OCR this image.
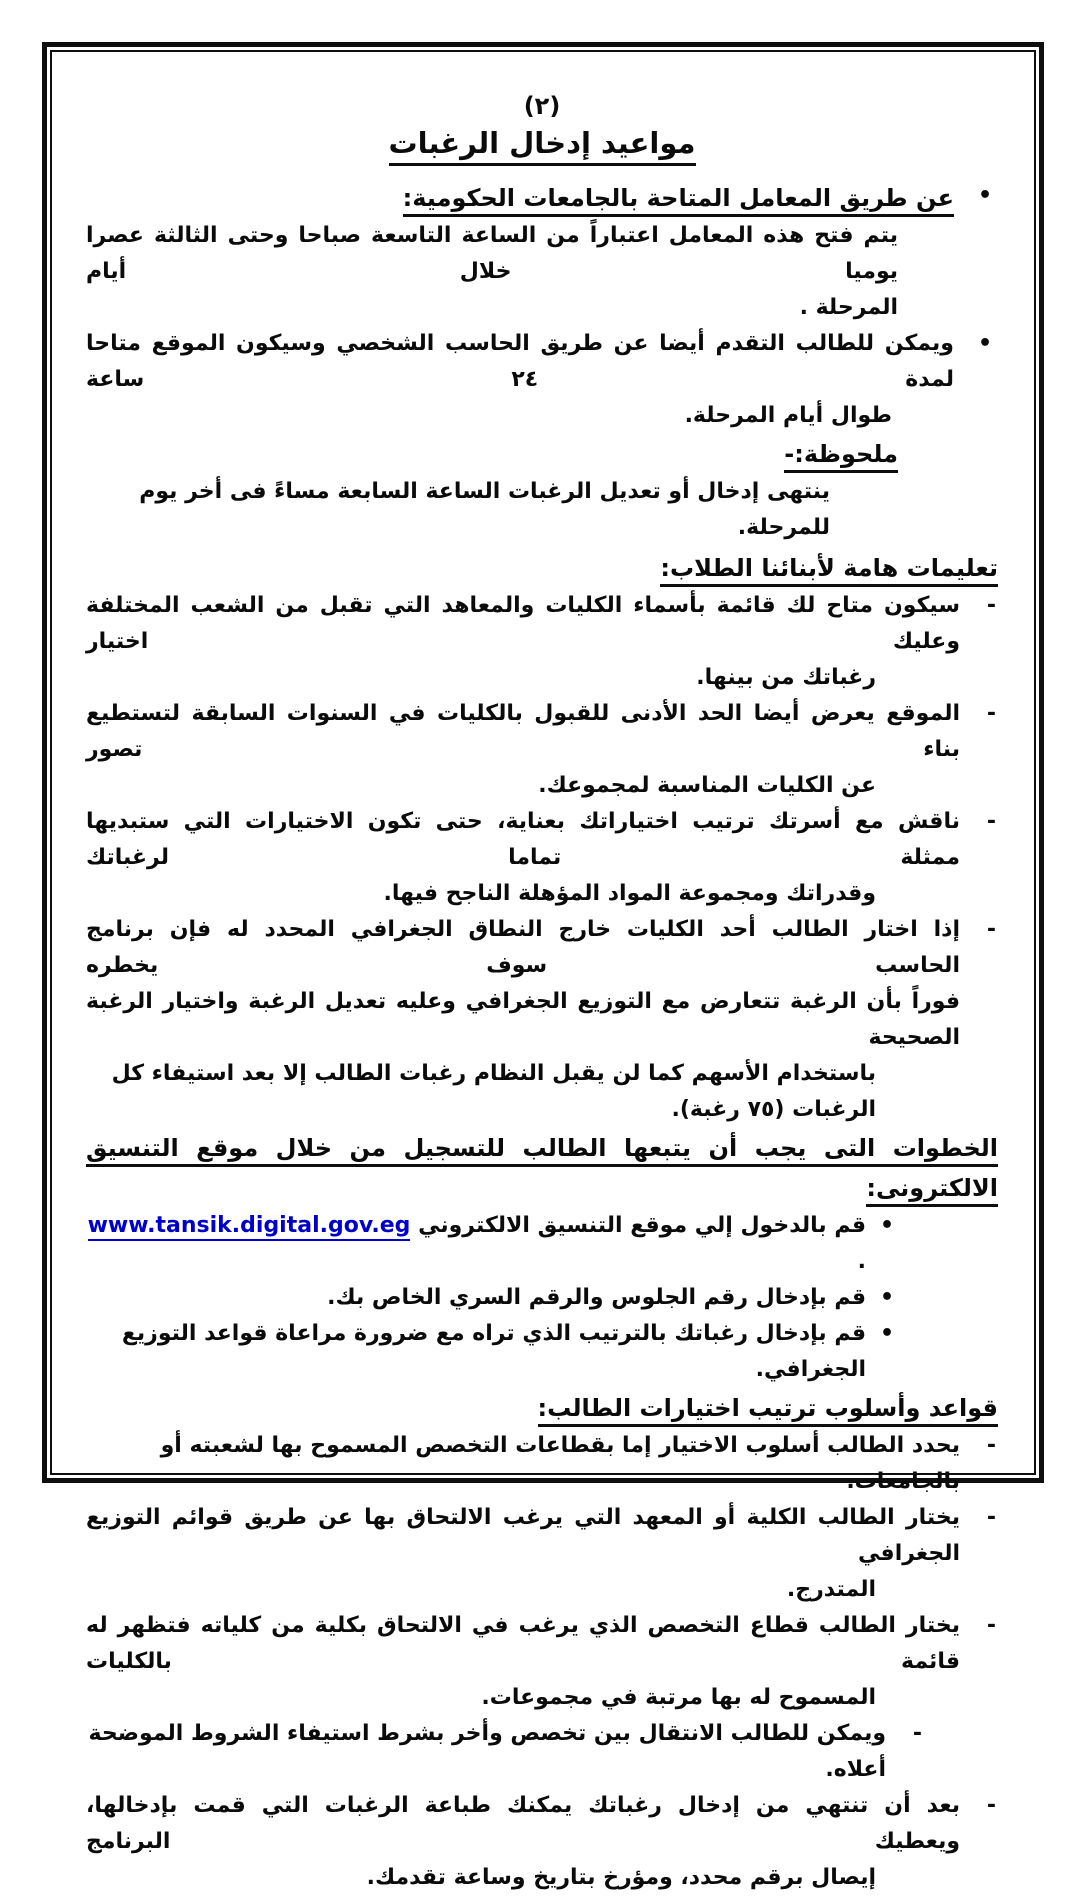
(٢)
مواعيد إدخال الرغبات
•
عن طريق المعامل المتاحة بالجامعات الحكومية:
يتم فتح هذه المعامل اعتباراً من الساعة التاسعة صباحا وحتى الثالثة عصرا يوميا خلال أيام
المرحلة .
•
ويمكن للطالب التقدم أيضا عن طريق الحاسب الشخصي وسيكون الموقع متاحا لمدة ٢٤ ساعة
طوال أيام المرحلة.
ملحوظة:-
ينتهى إدخال أو تعديل الرغبات الساعة السابعة مساءً فى أخر يوم للمرحلة.
تعليمات هامة لأبنائنا الطلاب:
-
سيكون متاح لك قائمة بأسماء الكليات والمعاهد التي تقبل من الشعب المختلفة وعليك اختيار
رغباتك من بينها.
-
الموقع يعرض أيضا الحد الأدنى للقبول بالكليات في السنوات السابقة لتستطيع بناء تصور
عن الكليات المناسبة لمجموعك.
-
ناقش مع أسرتك ترتيب اختياراتك بعناية، حتى تكون الاختيارات التي ستبديها ممثلة تماما لرغباتك
وقدراتك ومجموعة المواد المؤهلة الناجح فيها.
-
إذا اختار الطالب أحد الكليات خارج النطاق الجغرافي المحدد له فإن برنامج الحاسب سوف يخطره
فوراً بأن الرغبة تتعارض مع التوزيع الجغرافي وعليه تعديل الرغبة واختيار الرغبة الصحيحة
باستخدام الأسهم كما لن يقبل النظام رغبات الطالب إلا بعد استيفاء كل الرغبات (٧٥ رغبة).
الخطوات التى يجب أن يتبعها الطالب للتسجيل من خلال موقع التنسيق الالكترونى:
•
قم بالدخول إلي موقع التنسيق الالكتروني www.tansik.digital.gov.eg .
•
قم بإدخال رقم الجلوس والرقم السري الخاص بك.
•
قم بإدخال رغباتك بالترتيب الذي تراه مع ضرورة مراعاة قواعد التوزيع الجغرافي.
قواعد وأسلوب ترتيب اختيارات الطالب:
-
يحدد الطالب أسلوب الاختيار إما بقطاعات التخصص المسموح بها لشعبته أو بالجامعات.
-
يختار الطالب الكلية أو المعهد التي يرغب الالتحاق بها عن طريق قوائم التوزيع الجغرافي
المتدرج.
-
يختار الطالب قطاع التخصص الذي يرغب في الالتحاق بكلية من كلياته فتظهر له قائمة بالكليات
المسموح له بها مرتبة في مجموعات.
-
ويمكن للطالب الانتقال بين تخصص وأخر بشرط استيفاء الشروط الموضحة أعلاه.
-
بعد أن تنتهي من إدخال رغباتك يمكنك طباعة الرغبات التي قمت بإدخالها، ويعطيك البرنامج
إيصال برقم محدد، ومؤرخ بتاريخ وساعة تقدمك.
